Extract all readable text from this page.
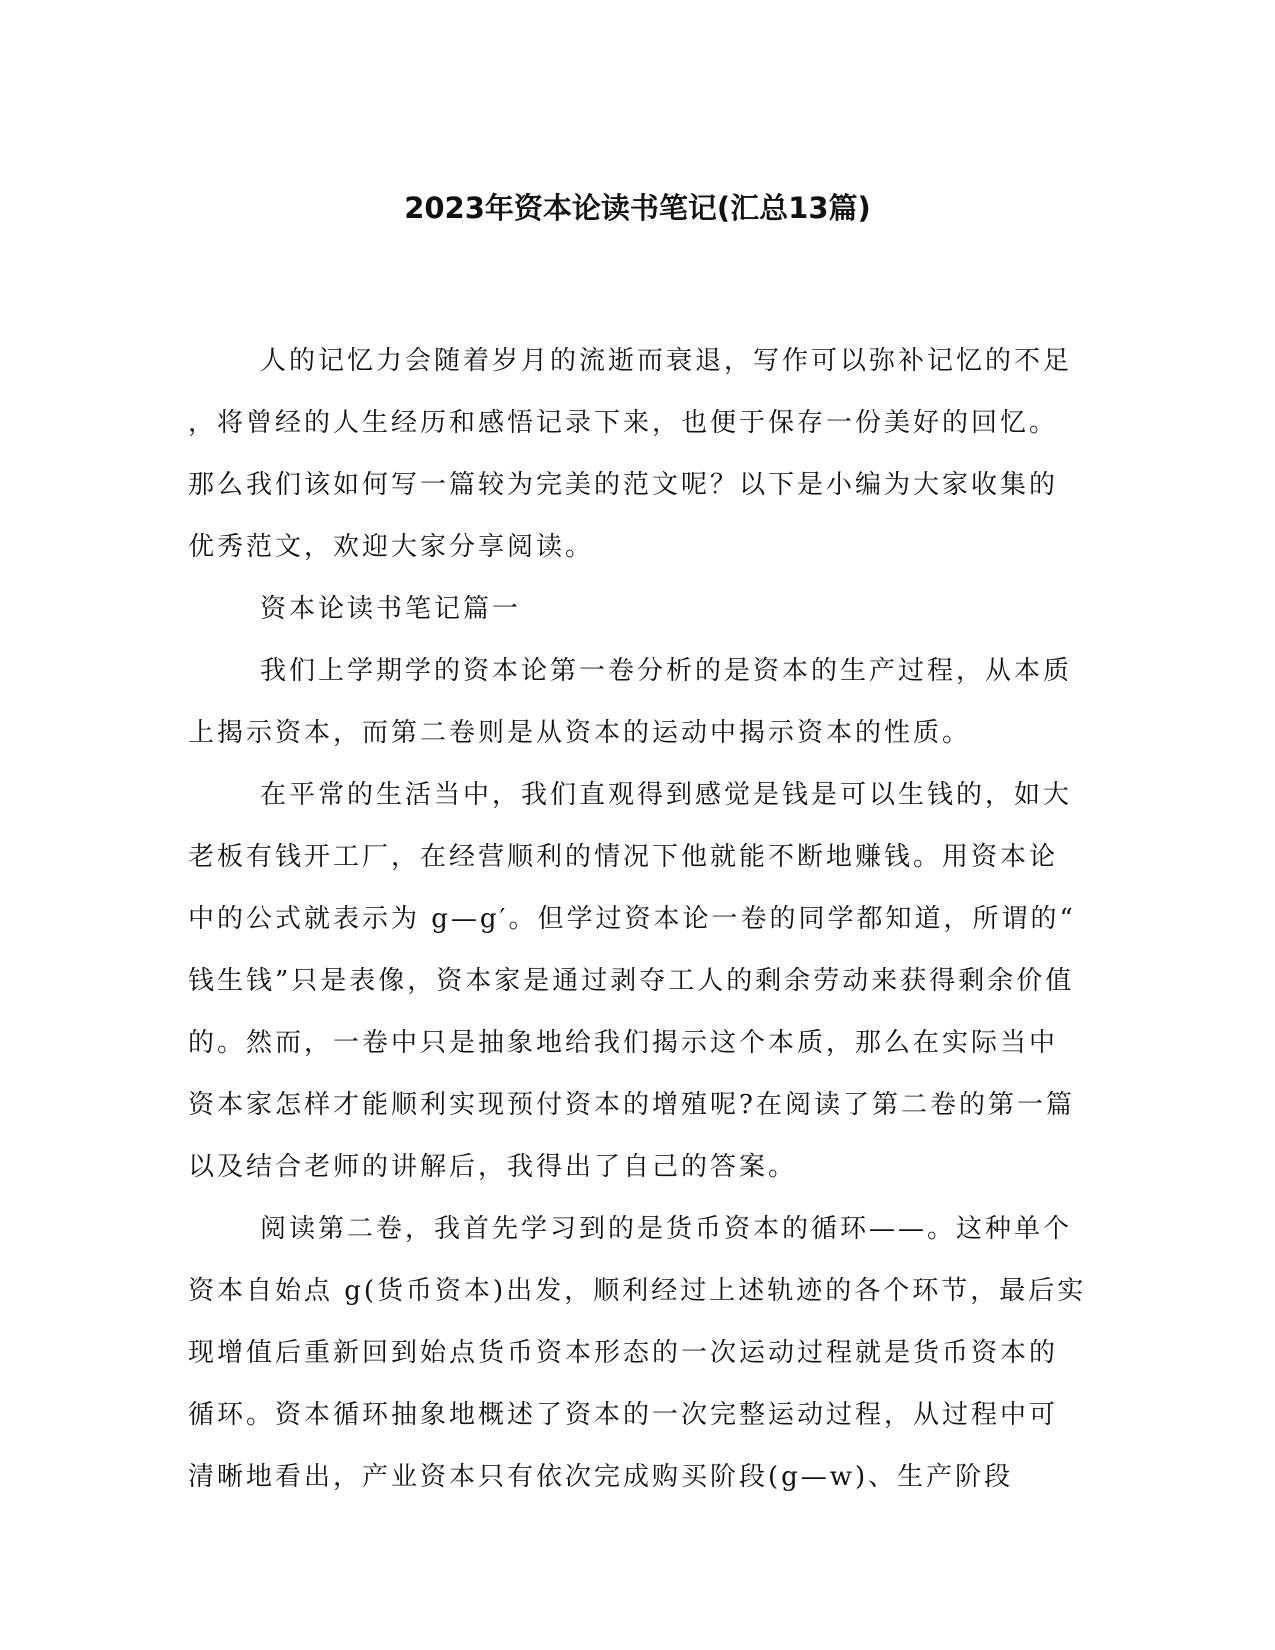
2023年资本论读书笔记(汇总13篇)
人的记忆力会随着岁月的流逝而衰退，写作可以弥补记忆的不足
，将曾经的人生经历和感悟记录下来，也便于保存一份美好的回忆。
那么我们该如何写一篇较为完美的范文呢？以下是小编为大家收集的
优秀范文，欢迎大家分享阅读。
资本论读书笔记篇一
我们上学期学的资本论第一卷分析的是资本的生产过程，从本质
上揭示资本，而第二卷则是从资本的运动中揭示资本的性质。
在平常的生活当中，我们直观得到感觉是钱是可以生钱的，如大
老板有钱开工厂，在经营顺利的情况下他就能不断地赚钱。用资本论
中的公式就表示为 g—g′。但学过资本论一卷的同学都知道，所谓的“
钱生钱”只是表像，资本家是通过剥夺工人的剩余劳动来获得剩余价值
的。然而，一卷中只是抽象地给我们揭示这个本质，那么在实际当中
资本家怎样才能顺利实现预付资本的增殖呢?在阅读了第二卷的第一篇
以及结合老师的讲解后，我得出了自己的答案。
阅读第二卷，我首先学习到的是货币资本的循环——。这种单个
资本自始点 g(货币资本)出发，顺利经过上述轨迹的各个环节，最后实
现增值后重新回到始点货币资本形态的一次运动过程就是货币资本的
循环。资本循环抽象地概述了资本的一次完整运动过程，从过程中可
清晰地看出，产业资本只有依次完成购买阶段(g—w)、生产阶段
